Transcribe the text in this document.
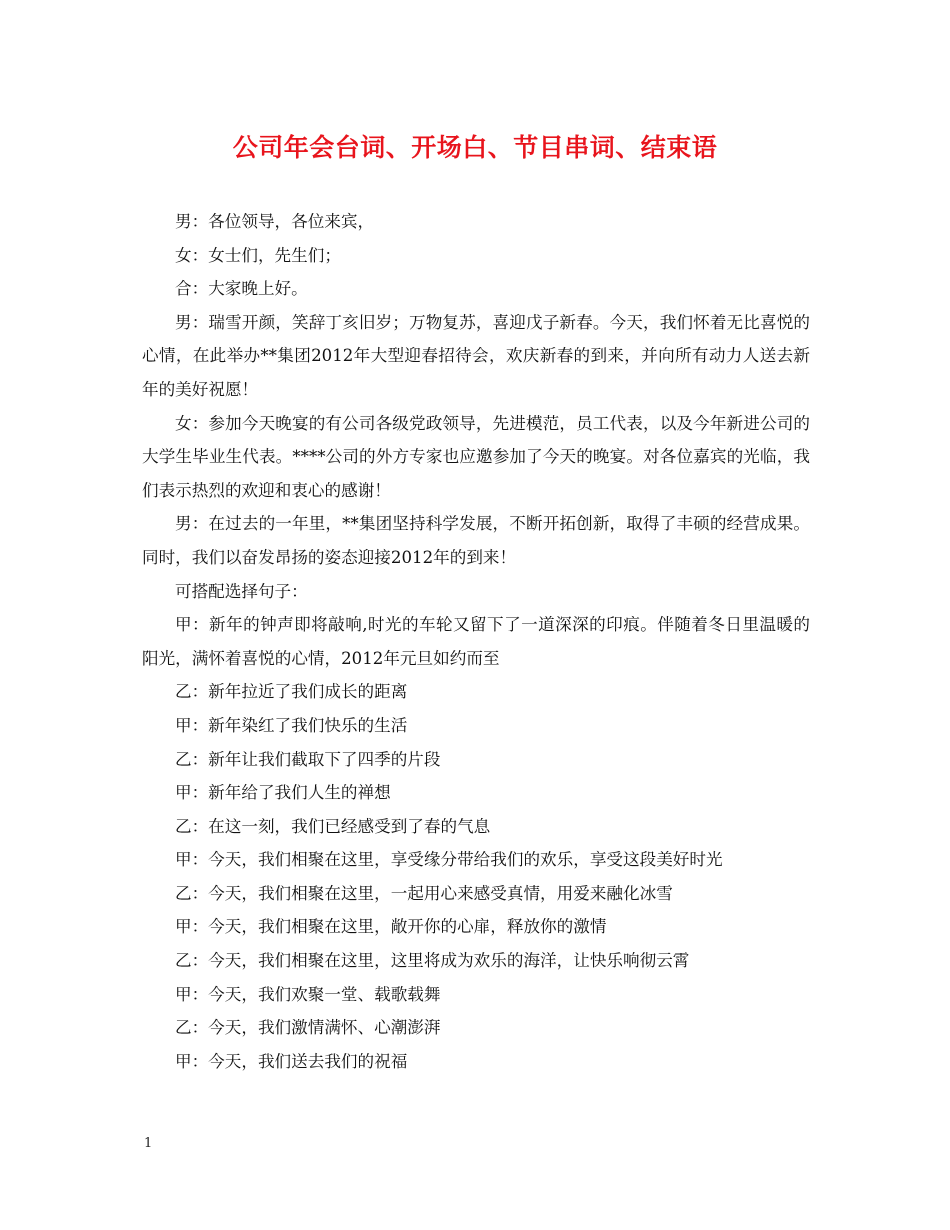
公司年会台词、开场白、节目串词、结束语

男：各位领导，各位来宾，

女：女士们，先生们；

合：大家晚上好。

男：瑞雪开颜，笑辞丁亥旧岁；万物复苏，喜迎戊子新春。今天，我们怀着无比喜悦的心情，在此举办**集团2012年大型迎春招待会，欢庆新春的到来，并向所有动力人送去新年的美好祝愿！

女：参加今天晚宴的有公司各级党政领导，先进模范，员工代表，以及今年新进公司的大学生毕业生代表。****公司的外方专家也应邀参加了今天的晚宴。对各位嘉宾的光临，我们表示热烈的欢迎和衷心的感谢！

男：在过去的一年里，**集团坚持科学发展，不断开拓创新，取得了丰硕的经营成果。同时，我们以奋发昂扬的姿态迎接2012年的到来！

可搭配选择句子：

甲：新年的钟声即将敲响,时光的车轮又留下了一道深深的印痕。伴随着冬日里温暖的阳光，满怀着喜悦的心情，2012年元旦如约而至

乙：新年拉近了我们成长的距离

甲：新年染红了我们快乐的生活

乙：新年让我们截取下了四季的片段

甲：新年给了我们人生的禅想

乙：在这一刻，我们已经感受到了春的气息

甲：今天，我们相聚在这里，享受缘分带给我们的欢乐，享受这段美好时光

乙：今天，我们相聚在这里，一起用心来感受真情，用爱来融化冰雪

甲：今天，我们相聚在这里，敞开你的心扉，释放你的激情

乙：今天，我们相聚在这里，这里将成为欢乐的海洋，让快乐响彻云霄

甲：今天，我们欢聚一堂、载歌载舞

乙：今天，我们激情满怀、心潮澎湃

甲：今天，我们送去我们的祝福

1
